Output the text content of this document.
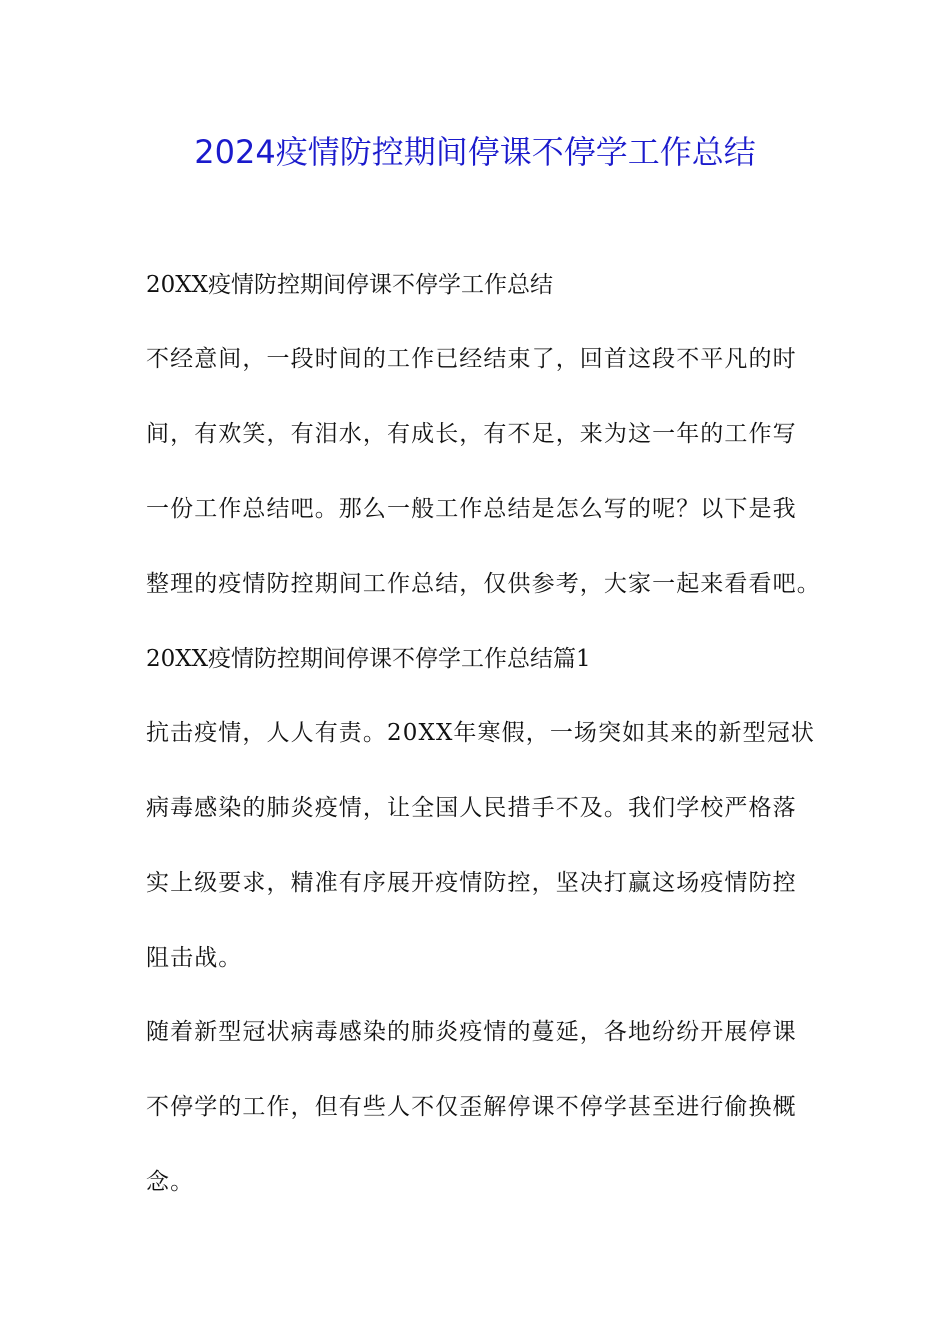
2024疫情防控期间停课不停学工作总结
20XX疫情防控期间停课不停学工作总结
不经意间，一段时间的工作已经结束了，回首这段不平凡的时
间，有欢笑，有泪水，有成长，有不足，来为这一年的工作写
一份工作总结吧。那么一般工作总结是怎么写的呢？以下是我
整理的疫情防控期间工作总结，仅供参考，大家一起来看看吧。
20XX疫情防控期间停课不停学工作总结篇1
抗击疫情，人人有责。20XX年寒假，一场突如其来的新型冠状
病毒感染的肺炎疫情，让全国人民措手不及。我们学校严格落
实上级要求，精准有序展开疫情防控，坚决打赢这场疫情防控
阻击战。
随着新型冠状病毒感染的肺炎疫情的蔓延，各地纷纷开展停课
不停学的工作，但有些人不仅歪解停课不停学甚至进行偷换概
念。
